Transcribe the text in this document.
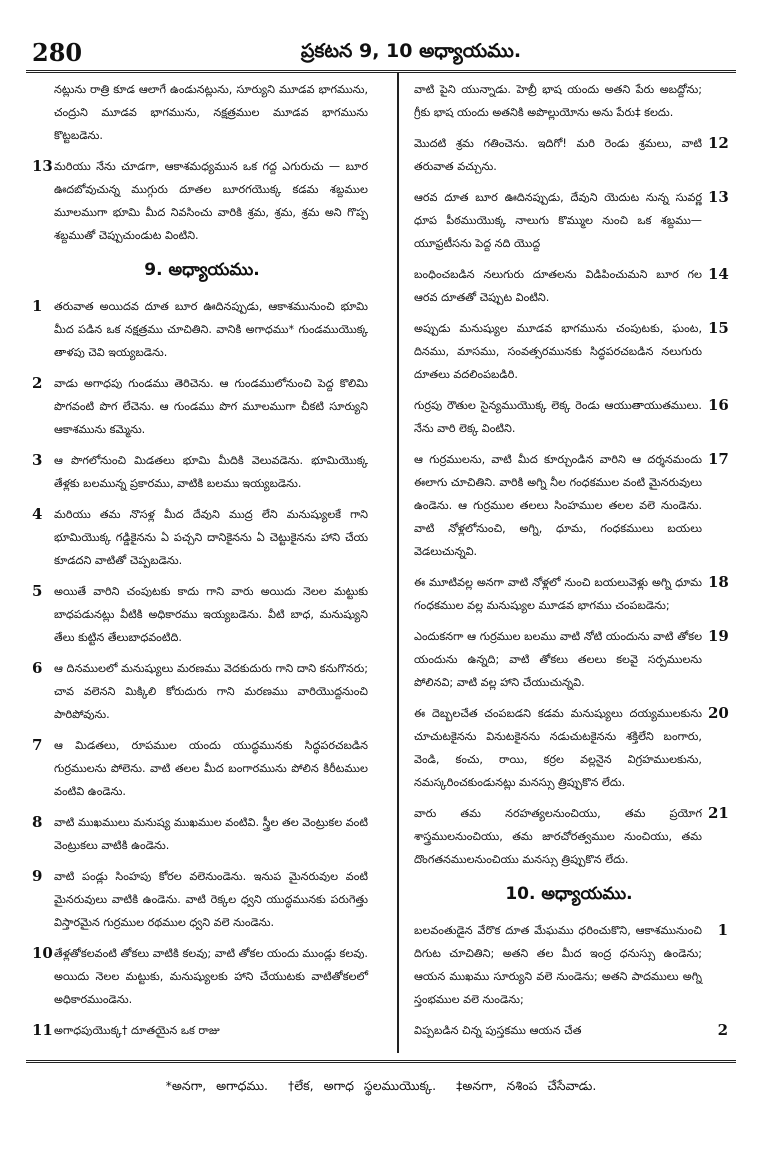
280	ప్రకటన 9, 10 అధ్యాయము.
నట్లును రాత్రి కూడ ఆలాగే ఉండునట్లును, సూర్యుని మూడవ భాగమును, చంద్రుని మూడవ భాగమును, నక్షత్రముల మూడవ భాగమును కొట్టబడెను.
13 మరియు నేను చూడగా, ఆకాశమధ్యమున ఒక గద్ద ఎగురుచు — బూర ఊదబోవుచున్న ముగ్గురు దూతల బూరగయొక్క కడమ శబ్దముల మూలముగా భూమి మీద నివసించు వారికి శ్రమ, శ్రమ, శ్రమ అని గొప్ప శబ్దముతో చెప్పుచుండుట వింటిని.
9. అధ్యాయము.
1	తరువాత అయిదవ దూత బూర ఊదినప్పుడు, ఆకాశమునుంచి భూమి మీద పడిన ఒక నక్షత్రము చూచితిని. వానికి అగాధము* గుండముయొక్క తాళపు చెవి ఇయ్యబడెను.
2	వాడు అగాధపు గుండము తెరిచెను. ఆ గుండములోనుంచి పెద్ద కొలిమి పొగవంటి పొగ లేచెను. ఆ గుండము పొగ మూలముగా చీకటి సూర్యుని ఆకాశమును కమ్మెను.
3	ఆ పొగలోనుంచి మిడతలు భూమి మీదికి వెలువడెను. భూమియొక్క తేళ్లకు బలమున్న ప్రకారము, వాటికి బలము ఇయ్యబడెను.
4	మరియు తమ నొసళ్ల మీద దేవుని ముద్ర లేని మనుష్యులకే గాని భూమియొక్క గడ్డికైనను ఏ పచ్చని దానికైనను ఏ చెట్టుకైనను హాని చేయ కూడదని వాటితో చెప్పబడెను.
5	అయితే వారిని చంపుటకు కాదు గాని వారు అయిదు నెలల మట్టుకు బాధపడునట్లు వీటికి అధికారము ఇయ్యబడెను. వీటి బాధ, మనుష్యుని తేలు కుట్టిన తేలుబాధవంటిది.
6	ఆ దినములలో మనుష్యులు మరణము వెదకుదురు గాని దాని కనుగొనరు; చావ వలెనని మిక్కిలి కోరుదురు గాని మరణము వారియొద్దనుంచి పారిపోవును.
7	ఆ మిడతలు, రూపముల యందు యుద్ధమునకు సిద్ధపరచబడిన గుర్రములను పోలెను. వాటి తలల మీద బంగారమును పోలిన కిరీటముల వంటివి ఉండెను.
8	వాటి ముఖములు మనుష్య ముఖముల వంటివి. స్త్రీల తల వెంట్రుకల వంటి వెంట్రుకలు వాటికి ఉండెను.
9	వాటి పండ్లు సింహపు కోరల వలెనుండెను. ఇనుప మైనరువుల వంటి మైనరువులు వాటికి ఉండెను. వాటి రెక్కల ధ్వని యుద్ధమునకు పరుగెత్తు విస్తారమైన గుర్రముల రథముల ధ్వని వలె నుండెను.
10 తేళ్లతోకలవంటి తోకలు వాటికి కలవు; వాటి తోకల యందు ముండ్లు కలవు. అయిదు నెలల మట్టుకు, మనుష్యులకు హాని చేయుటకు వాటితోకలలో అధికారముండెను.
11 అగాధపుయొక్క† దూతయైన ఒక రాజు
వాటి పైని యున్నాడు. హెబ్రీ భాష యందు అతని పేరు అబద్దోను; గ్రీకు భాష యందు అతనికి అపొల్లుయోను అను పేరు‡ కలదు.
12
మొదటి శ్రమ గతించెను. ఇదిగో! మరి రెండు శ్రమలు, వాటి తరువాత వచ్చును.
13
ఆరవ దూత బూర ఊదినప్పుడు, దేవుని యెదుట నున్న సువర్ణ ధూప పీఠముయొక్క నాలుగు కొమ్ముల నుంచి ఒక శబ్దము— యూఫ్రటీసను పెద్ద నది యొద్ద
14
బంధించబడిన నలుగురు దూతలను విడిపించుమని బూర గల ఆరవ దూతతో చెప్పుట వింటిని.
15
అప్పుడు మనుష్యుల మూడవ భాగమును చంపుటకు, ఘంట, దినము, మాసము, సంవత్సరమునకు సిద్ధపరచబడిన నలుగురు దూతలు వదలింపబడిరి.
16
గుర్రపు రౌతుల సైన్యముయొక్క లెక్క రెండు ఆయుతాయుతములు. నేను వారి లెక్క వింటిని.
17
ఆ గుర్రములను, వాటి మీద కూర్చుండిన వారిని ఆ దర్శనమందు ఈలాగు చూచితిని. వారికి అగ్ని నీల గంధకముల వంటి మైనరువులు ఉండెను. ఆ గుర్రముల తలలు సింహముల తలల వలె నుండెను. వాటి నోళ్లలోనుంచి, అగ్ని, ధూమ, గంధకములు బయలు వెడలుచున్నవి.
18
ఈ మూటివల్ల అనగా వాటి నోళ్లలో నుంచి బయలువెళ్లు అగ్ని ధూమ గంధకముల వల్ల మనుష్యుల మూడవ భాగము చంపబడెను;
19
ఎందుకనగా ఆ గుర్రముల బలము వాటి నోటి యందును వాటి తోకల యందును ఉన్నది; వాటి తోకలు తలలు కలవై సర్పములను పోలినవి; వాటి వల్ల హాని చేయుచున్నవి.
20
ఈ దెబ్బలచేత చంపబడని కడమ మనుష్యులు దయ్యములకును చూచుటకైనను వినుటకైనను నడుచుటకైనను శక్తిలేని బంగారు, వెండి, కంచు, రాయి, కర్రల వల్లనైన విగ్రహములకును, నమస్కరించకుండునట్లు మనస్సు త్రిప్పుకొన లేదు.
21
వారు తమ నరహత్యలనుంచియు, తమ ప్రయోగ శాస్త్రములనుంచియు, తమ జారచోరత్వముల నుంచియు, తమ దొంగతనములనుంచియు మనస్సు త్రిప్పుకొన లేదు.
10. అధ్యాయము.
1
బలవంతుడైన వేరొక దూత మేఘము ధరించుకొని, ఆకాశమునుంచి దిగుట చూచితిని; అతని తల మీద ఇంద్ర ధనుస్సు ఉండెను; ఆయన ముఖము సూర్యుని వలె నుండెను; అతని పాదములు అగ్ని స్తంభముల వలె నుండెను;
2
విప్పబడిన చిన్న పుస్తకము ఆయన చేత
*అనగా, అగాధము. †లేక, అగాధ స్థలముయొక్క. ‡అనగా, నశింప చేసేవాడు.
